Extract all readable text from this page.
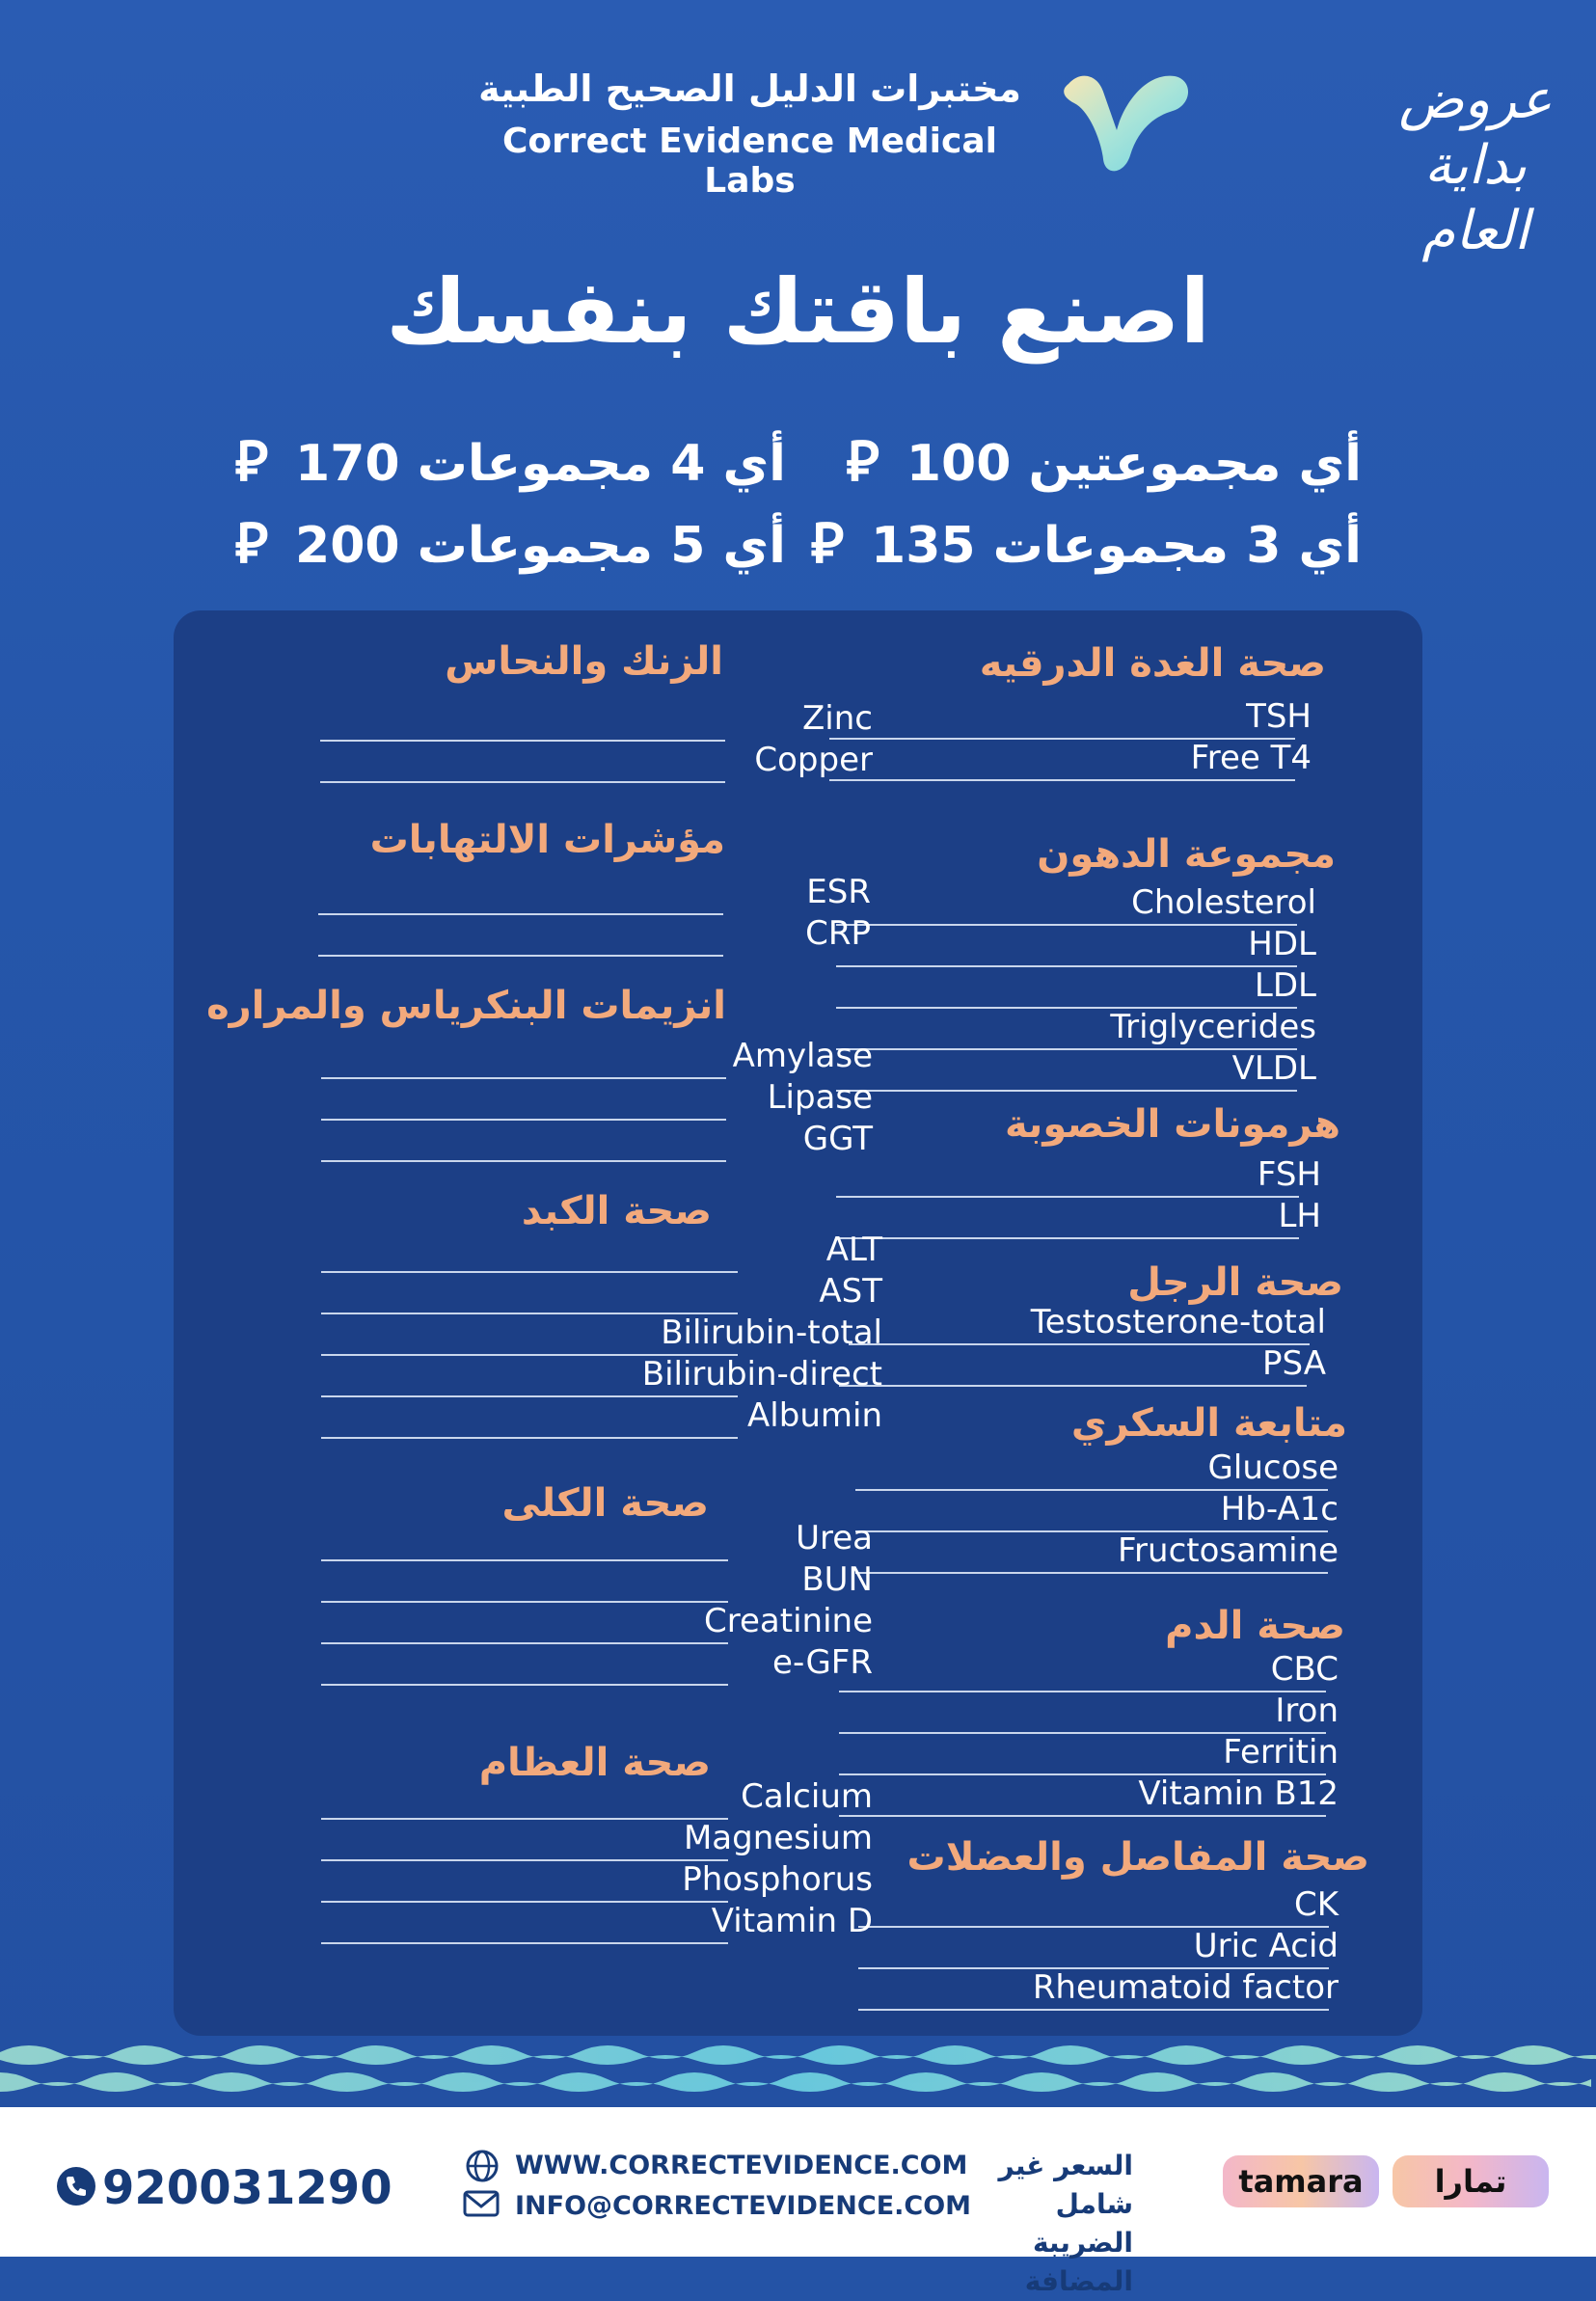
مختبرات الدليل الصحيح الطبية
Correct Evidence Medical Labs
عروض
بداية
العام
اصنع باقتك بنفسك
أي مجموعتين 100 ⃁
أي 4 مجموعات 170 ⃁
أي 3 مجموعات 135 ⃁
أي 5 مجموعات 200 ⃁
صحة الغدة الدرقيه
TSH
Free T4
مجموعة الدهون
Cholesterol
HDL
LDL
Triglycerides
VLDL
هرمونات الخصوبة
FSH
LH
صحة الرجل
Testosterone-total
PSA
متابعة السكري
Glucose
Hb-A1c
Fructosamine
صحة الدم
CBC
Iron
Ferritin
Vitamin B12
صحة المفاصل والعضلات
CK
Uric Acid
Rheumatoid factor
الزنك والنحاس
Zinc
Copper
مؤشرات الالتهابات
ESR
CRP
انزيمات البنكرياس والمراره
Amylase
Lipase
GGT
صحة الكبد
ALT
AST
Bilirubin-total
Bilirubin-direct
Albumin
صحة الكلى
Urea
BUN
Creatinine
e-GFR
صحة العظام
Calcium
Magnesium
Phosphorus
Vitamin D
920031290	WWW.CORRECTEVIDENCE.COM
INFO@CORRECTEVIDENCE.COM
السعر غير شامل
الضريبة المضافة
tamara	تمارا
